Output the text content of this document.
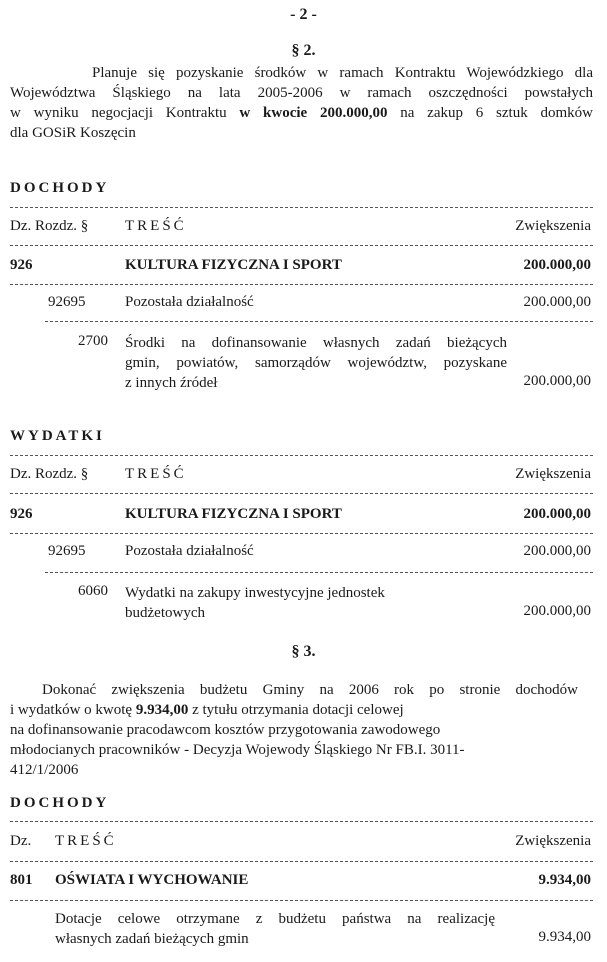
- 2 -
§ 2.
Planuje się pozyskanie środków w ramach Kontraktu Wojewódzkiego dla
Województwa Śląskiego na lata 2005-2006 w ramach oszczędności powstałych
w wyniku negocjacji Kontraktu w kwocie 200.000,00 na zakup 6 sztuk domków
dla GOSiR Koszęcin
DOCHODY
Dz. Rozdz. § TREŚĆ	Zwiększenia
926	KULTURA FIZYCZNA I SPORT	200.000,00
92695	Pozostała działalność	200.000,00
2700 Środki na dofinansowanie własnych zadań bieżących
gmin, powiatów, samorządów województw, pozyskane
z innych źródeł	200.000,00
WYDATKI
Dz. Rozdz. § TREŚĆ	Zwiększenia
926	KULTURA FIZYCZNA I SPORT	200.000,00
92695	Pozostała działalność	200.000,00
6060 Wydatki na zakupy inwestycyjne jednostek
budżetowych	200.000,00
§ 3.
Dokonać zwiększenia budżetu Gminy na 2006 rok po stronie dochodów
i wydatków o kwotę 9.934,00 z tytułu otrzymania dotacji celowej
na dofinansowanie pracodawcom kosztów przygotowania zawodowego
młodocianych pracowników - Decyzja Wojewody Śląskiego Nr FB.I. 3011-
412/1/2006
DOCHODY
Dz. TREŚĆ	Zwiększenia
801 OŚWIATA I WYCHOWANIE	9.934,00
Dotacje celowe otrzymane z budżetu państwa na realizację
własnych zadań bieżących gmin	9.934,00
